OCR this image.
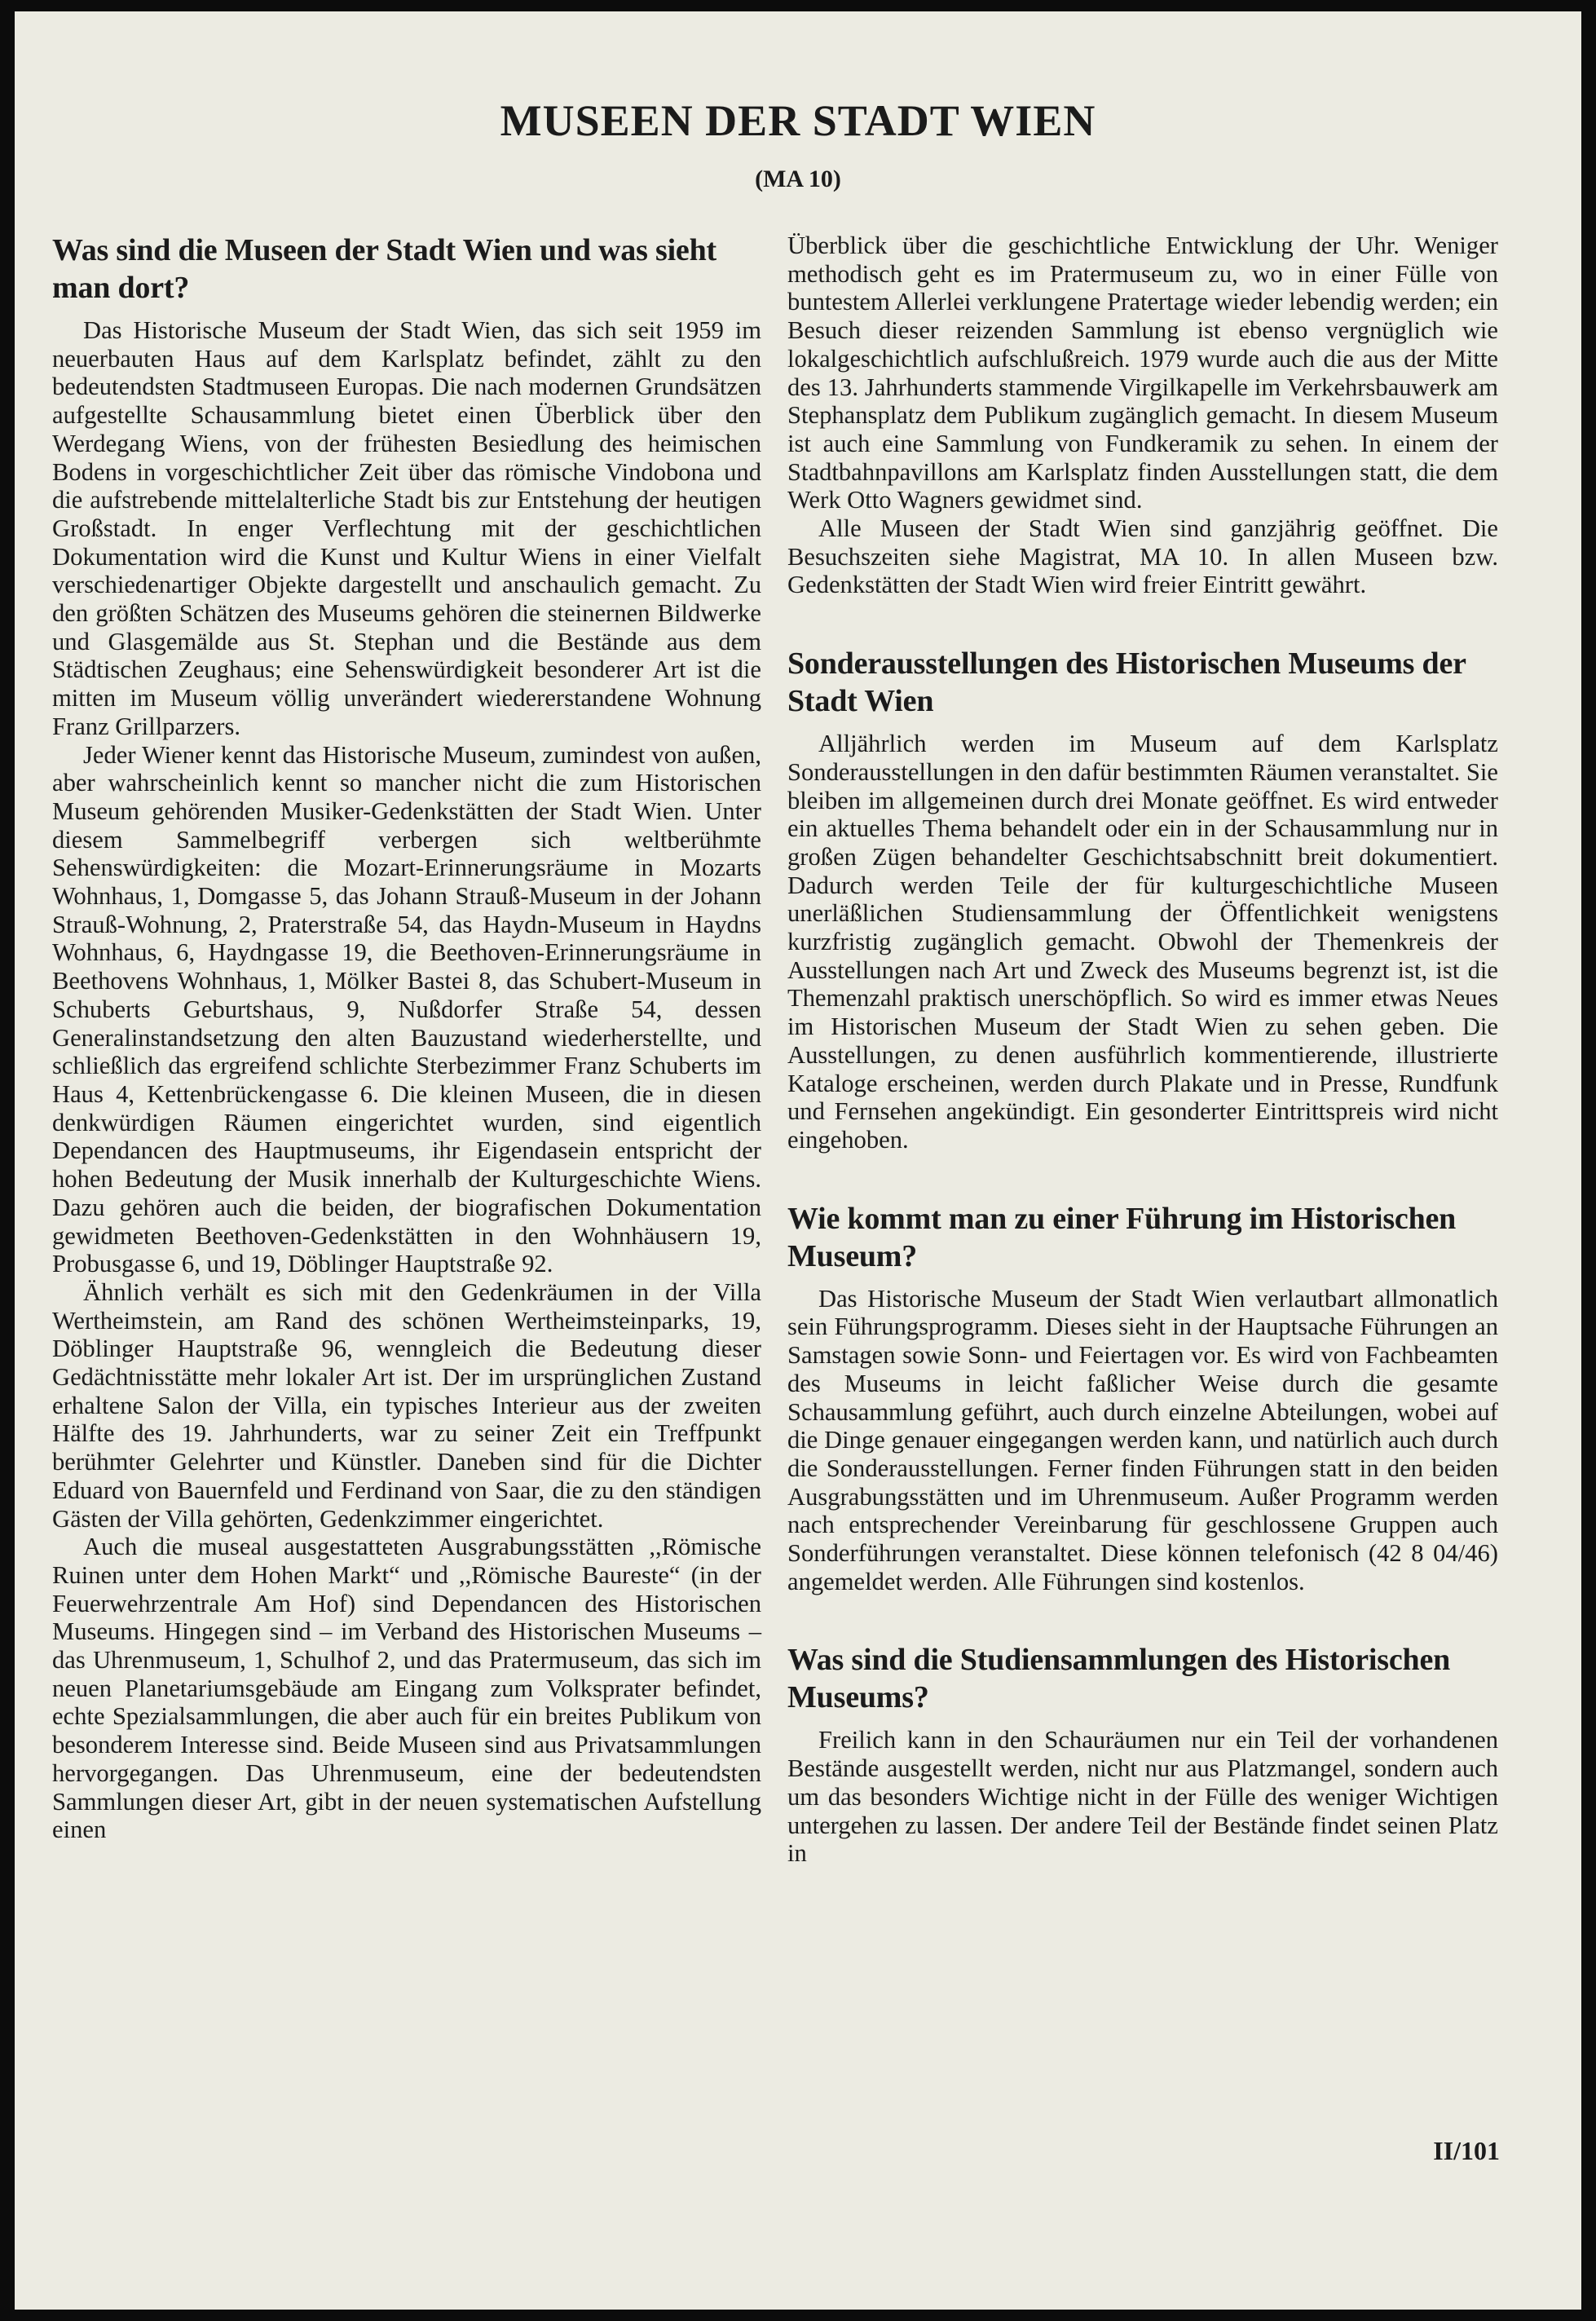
MUSEEN DER STADT WIEN
(MA 10)
Was sind die Museen der Stadt Wien und was sieht man dort?

Das Historische Museum der Stadt Wien, das sich seit 1959 im neuerbauten Haus auf dem Karlsplatz befindet, zählt zu den bedeutendsten Stadtmuseen Europas. Die nach modernen Grundsätzen aufgestellte Schausammlung bietet einen Überblick über den Werdegang Wiens, von der frühesten Besiedlung des heimischen Bodens in vorgeschichtlicher Zeit über das römische Vindobona und die aufstrebende mittelalterliche Stadt bis zur Entstehung der heutigen Großstadt. In enger Verflechtung mit der geschichtlichen Dokumentation wird die Kunst und Kultur Wiens in einer Vielfalt verschiedenartiger Objekte dargestellt und anschaulich gemacht. Zu den größten Schätzen des Museums gehören die steinernen Bildwerke und Glasgemälde aus St. Stephan und die Bestände aus dem Städtischen Zeughaus; eine Sehenswürdigkeit besonderer Art ist die mitten im Museum völlig unverändert wiedererstandene Wohnung Franz Grillparzers.

Jeder Wiener kennt das Historische Museum, zumindest von außen, aber wahrscheinlich kennt so mancher nicht die zum Historischen Museum gehörenden Musiker-Gedenkstätten der Stadt Wien. Unter diesem Sammelbegriff verbergen sich weltberühmte Sehenswürdigkeiten: die Mozart-Erinnerungsräume in Mozarts Wohnhaus, 1, Domgasse 5, das Johann Strauß-Museum in der Johann Strauß-Wohnung, 2, Praterstraße 54, das Haydn-Museum in Haydns Wohnhaus, 6, Haydngasse 19, die Beethoven-Erinnerungsräume in Beethovens Wohnhaus, 1, Mölker Bastei 8, das Schubert-Museum in Schuberts Geburtshaus, 9, Nußdorfer Straße 54, dessen Generalinstandsetzung den alten Bauzustand wiederherstellte, und schließlich das ergreifend schlichte Sterbezimmer Franz Schuberts im Haus 4, Kettenbrückengasse 6. Die kleinen Museen, die in diesen denkwürdigen Räumen eingerichtet wurden, sind eigentlich Dependancen des Hauptmuseums, ihr Eigendasein entspricht der hohen Bedeutung der Musik innerhalb der Kulturgeschichte Wiens. Dazu gehören auch die beiden, der biografischen Dokumentation gewidmeten Beethoven-Gedenkstätten in den Wohnhäusern 19, Probusgasse 6, und 19, Döblinger Hauptstraße 92.

Ähnlich verhält es sich mit den Gedenkräumen in der Villa Wertheimstein, am Rand des schönen Wertheimsteinparks, 19, Döblinger Hauptstraße 96, wenngleich die Bedeutung dieser Gedächtnisstätte mehr lokaler Art ist. Der im ursprünglichen Zustand erhaltene Salon der Villa, ein typisches Interieur aus der zweiten Hälfte des 19. Jahrhunderts, war zu seiner Zeit ein Treffpunkt berühmter Gelehrter und Künstler. Daneben sind für die Dichter Eduard von Bauernfeld und Ferdinand von Saar, die zu den ständigen Gästen der Villa gehörten, Gedenkzimmer eingerichtet.

Auch die museal ausgestatteten Ausgrabungsstätten ,,Römische Ruinen unter dem Hohen Markt“ und ,,Römische Baureste“ (in der Feuerwehrzentrale Am Hof) sind Dependancen des Historischen Museums. Hingegen sind – im Verband des Historischen Museums – das Uhrenmuseum, 1, Schulhof 2, und das Pratermuseum, das sich im neuen Planetariumsgebäude am Eingang zum Volksprater befindet, echte Spezialsammlungen, die aber auch für ein breites Publikum von besonderem Interesse sind. Beide Museen sind aus Privatsammlungen hervorgegangen. Das Uhrenmuseum, eine der bedeutendsten Sammlungen dieser Art, gibt in der neuen systematischen Aufstellung einen

Überblick über die geschichtliche Entwicklung der Uhr. Weniger methodisch geht es im Pratermuseum zu, wo in einer Fülle von buntestem Allerlei verklungene Pratertage wieder lebendig werden; ein Besuch dieser reizenden Sammlung ist ebenso vergnüglich wie lokalgeschichtlich aufschlußreich. 1979 wurde auch die aus der Mitte des 13. Jahrhunderts stammende Virgilkapelle im Verkehrsbauwerk am Stephansplatz dem Publikum zugänglich gemacht. In diesem Museum ist auch eine Sammlung von Fundkeramik zu sehen. In einem der Stadtbahnpavillons am Karlsplatz finden Ausstellungen statt, die dem Werk Otto Wagners gewidmet sind.

Alle Museen der Stadt Wien sind ganzjährig geöffnet. Die Besuchszeiten siehe Magistrat, MA 10. In allen Museen bzw. Gedenkstätten der Stadt Wien wird freier Eintritt gewährt.

Sonderausstellungen des Historischen Museums der Stadt Wien

Alljährlich werden im Museum auf dem Karlsplatz Sonderausstellungen in den dafür bestimmten Räumen veranstaltet. Sie bleiben im allgemeinen durch drei Monate geöffnet. Es wird entweder ein aktuelles Thema behandelt oder ein in der Schausammlung nur in großen Zügen behandelter Geschichtsabschnitt breit dokumentiert. Dadurch werden Teile der für kulturgeschichtliche Museen unerläßlichen Studiensammlung der Öffentlichkeit wenigstens kurzfristig zugänglich gemacht. Obwohl der Themenkreis der Ausstellungen nach Art und Zweck des Museums begrenzt ist, ist die Themenzahl praktisch unerschöpflich. So wird es immer etwas Neues im Historischen Museum der Stadt Wien zu sehen geben. Die Ausstellungen, zu denen ausführlich kommentierende, illustrierte Kataloge erscheinen, werden durch Plakate und in Presse, Rundfunk und Fernsehen angekündigt. Ein gesonderter Eintrittspreis wird nicht eingehoben.

Wie kommt man zu einer Führung im Historischen Museum?

Das Historische Museum der Stadt Wien verlautbart allmonatlich sein Führungsprogramm. Dieses sieht in der Hauptsache Führungen an Samstagen sowie Sonn- und Feiertagen vor. Es wird von Fachbeamten des Museums in leicht faßlicher Weise durch die gesamte Schausammlung geführt, auch durch einzelne Abteilungen, wobei auf die Dinge genauer eingegangen werden kann, und natürlich auch durch die Sonderausstellungen. Ferner finden Führungen statt in den beiden Ausgrabungsstätten und im Uhrenmuseum. Außer Programm werden nach entsprechender Vereinbarung für geschlossene Gruppen auch Sonderführungen veranstaltet. Diese können telefonisch (42 8 04/46) angemeldet werden. Alle Führungen sind kostenlos.

Was sind die Studiensammlungen des Historischen Museums?

Freilich kann in den Schauräumen nur ein Teil der vorhandenen Bestände ausgestellt werden, nicht nur aus Platzmangel, sondern auch um das besonders Wichtige nicht in der Fülle des weniger Wichtigen untergehen zu lassen. Der andere Teil der Bestände findet seinen Platz in

II/101
